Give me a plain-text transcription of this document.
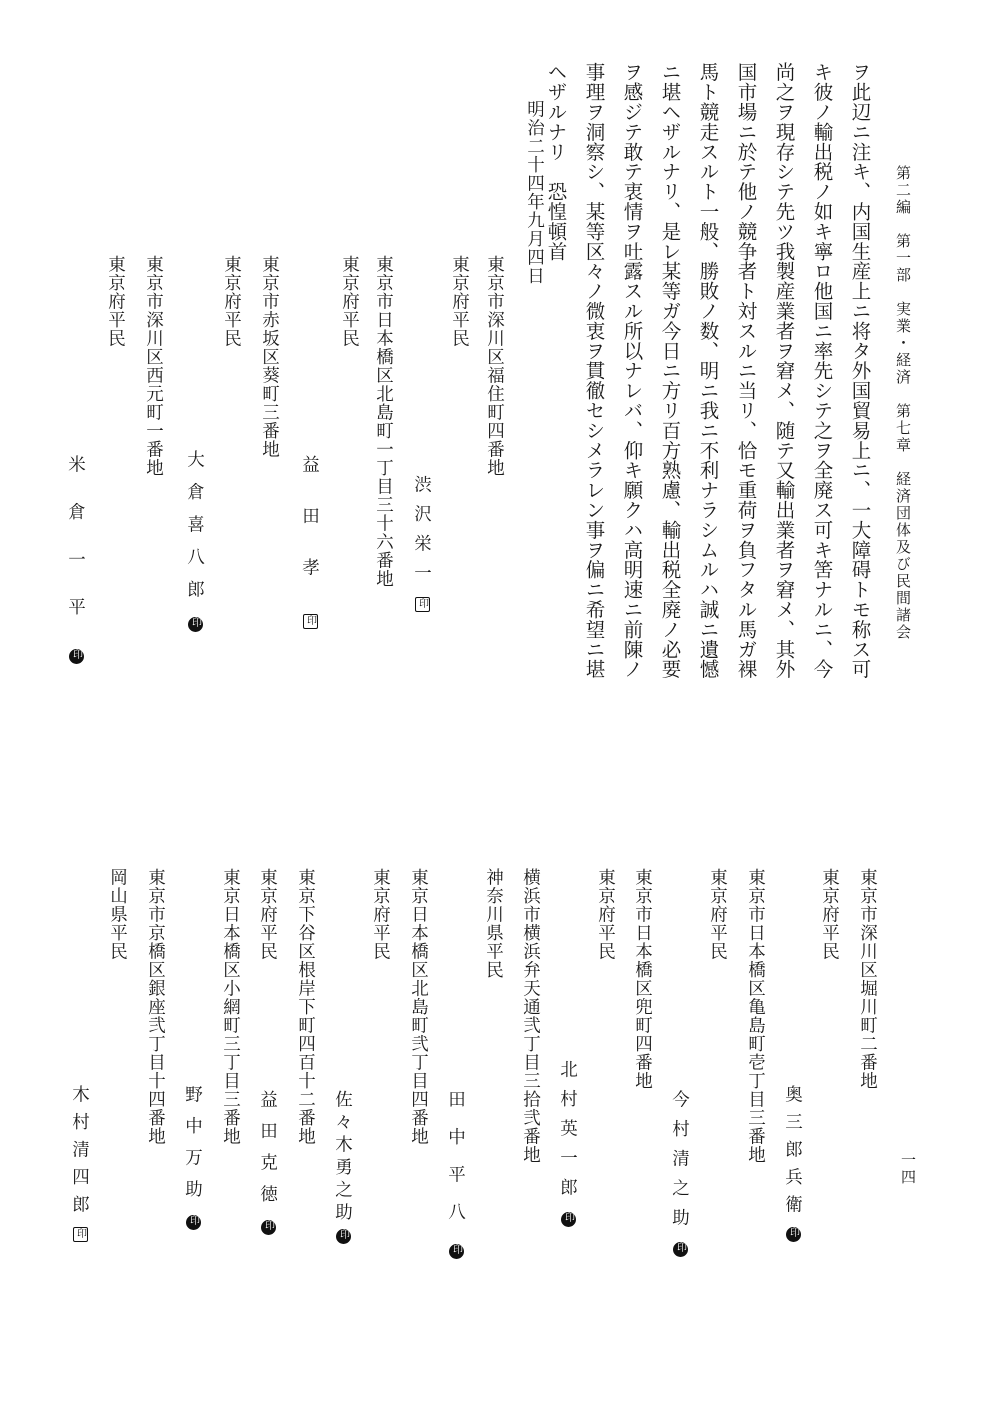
第二編　第一部　実業・経済　第七章　経済団体及び民間諸会
一四
ヲ此辺ニ注キ、内国生産上ニ将タ外国貿易上ニ、一大障碍トモ称ス可
キ彼ノ輸出税ノ如キ寧ロ他国ニ率先シテ之ヲ全廃ス可キ筈ナルニ、今
尚之ヲ現存シテ先ツ我製産業者ヲ窘メ、随テ又輸出業者ヲ窘メ、其外
国市場ニ於テ他ノ競争者ト対スルニ当リ、恰モ重荷ヲ負フタル馬ガ裸
馬ト競走スルト一般、勝敗ノ数、明ニ我ニ不利ナラシムルハ誠ニ遺憾
ニ堪ヘザルナリ、是レ某等ガ今日ニ方リ百方熟慮、輸出税全廃ノ必要
ヲ感ジテ敢テ衷情ヲ吐露スル所以ナレバ、仰キ願クハ高明速ニ前陳ノ
事理ヲ洞察シ、某等区々ノ微衷ヲ貫徹セシメラレン事ヲ偏ニ希望ニ堪
ヘザルナリ　恐惶頓首
明治二十四年九月四日
東京市深川区福住町四番地
東京府平民
渋沢栄一印
東京市日本橋区北島町一丁目三十六番地
東京府平民
益田孝印
東京市赤坂区葵町三番地
東京府平民
大倉喜八郎印
東京市深川区西元町一番地
東京府平民
米倉一平印
東京市深川区堀川町二番地
東京府平民
奥三郎兵衛印
東京市日本橋区亀島町壱丁目三番地
東京府平民
今村清之助印
東京市日本橋区兜町四番地
東京府平民
北村英一郎印
横浜市横浜弁天通弐丁目三拾弐番地
神奈川県平民
田中平八印
東京日本橋区北島町弐丁目四番地
東京府平民
佐々木勇之助印
東京下谷区根岸下町四百十二番地
東京府平民
益田克徳印
東京日本橋区小網町三丁目三番地
野中万助印
東京市京橋区銀座弐丁目十四番地
岡山県平民
木村清四郎印
